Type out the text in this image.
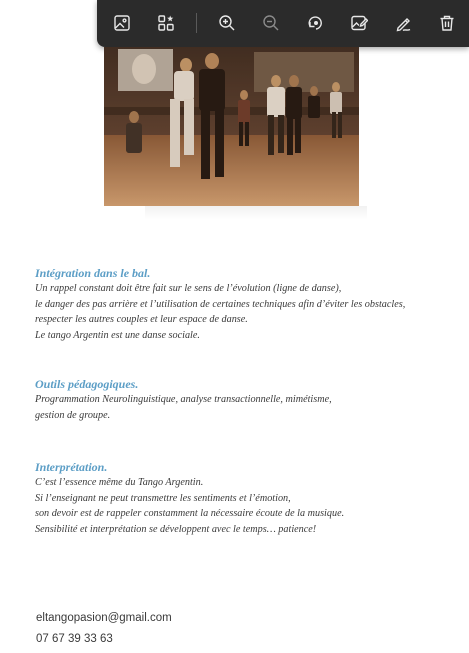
Intégration dans le bal.
Un rappel constant doit être fait sur le sens de l’évolution (ligne de danse),
le danger des pas arrière et l’utilisation de certaines techniques afin d’éviter les obstacles,
respecter les autres couples et leur espace de danse.
Le tango Argentin est une danse sociale.
Outils pédagogiques.
Programmation Neurolinguistique, analyse transactionnelle, mimétisme,
gestion de groupe.
Interprétation.
C’est l’essence même du Tango Argentin.
Si l’enseignant ne peut transmettre les sentiments et l’émotion,
son devoir est de rappeler constamment la nécessaire écoute de la musique.
Sensibilité et interprétation se développent avec le temps… patience!
eltangopasion@gmail.com
07 67 39 33 63
